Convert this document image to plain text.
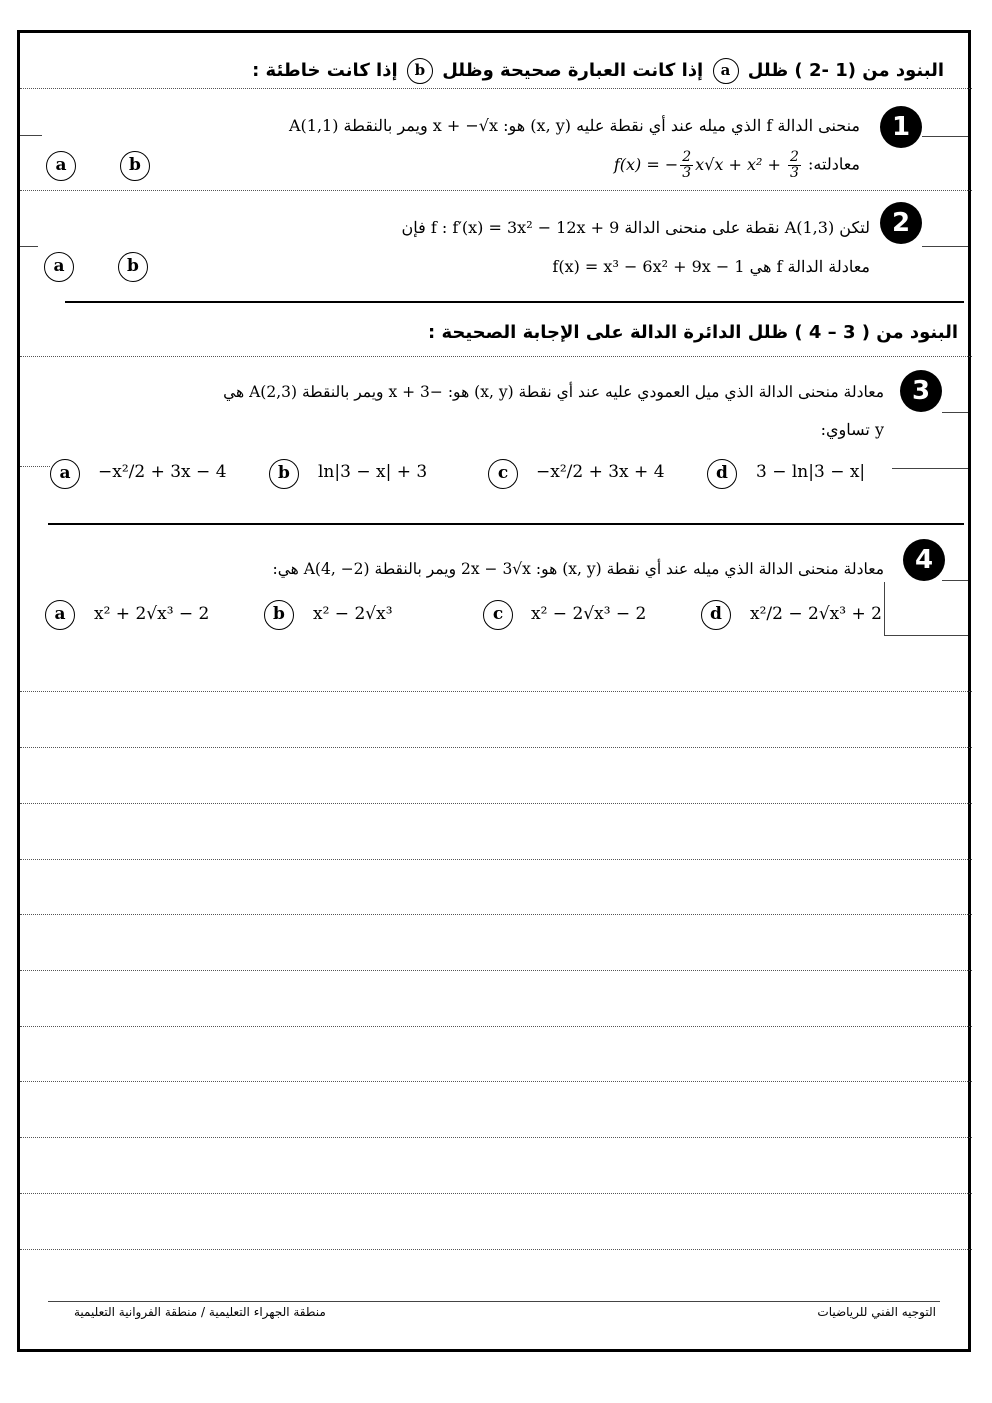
البنود من (1 -2 ) ظلل a إذا كانت العبارة صحيحة وظلل b إذا كانت خاطئة :
1
منحنى الدالة f الذي ميله عند أي نقطة عليه (x, y) هو: x + −√x ويمر بالنقطة A(1,1)
معادلته: f(x) = − $\frac{2}{3} x√x + x^2 + \frac{2}{3}$
a	b
2
لتكن A(1,3) نقطة على منحنى الدالة f : f′(x) = 3x² − 12x + 9 فإن
معادلة الدالة f هي f(x) = x³ − 6x² + 9x − 1
a	b
البنود من ( 3 – 4 ) ظلل الدائرة الدالة على الإجابة الصحيحة :
3
معادلة منحنى الدالة الذي ميل العمودي عليه عند أي نقطة (x, y) هو: −x + 3 ويمر بالنقطة A(2,3) هي
y تساوي:
a	−x²/2 + 3x − 4	b	ln|3 − x| + 3	c	−x²/2 + 3x + 4	d	3 − ln|3 − x|
4
معادلة منحنى الدالة الذي ميله عند أي نقطة (x, y) هو: 2x − 3√x ويمر بالنقطة A(4, −2) هي:
a	x² + 2√x³ − 2	b	x² − 2√x³	c	x² − 2√x³ − 2	d	x²/2 − 2√x³ + 2
التوجيه الفني للرياضيات
منطقة الجهراء التعليمية / منطقة الفروانية التعليمية
